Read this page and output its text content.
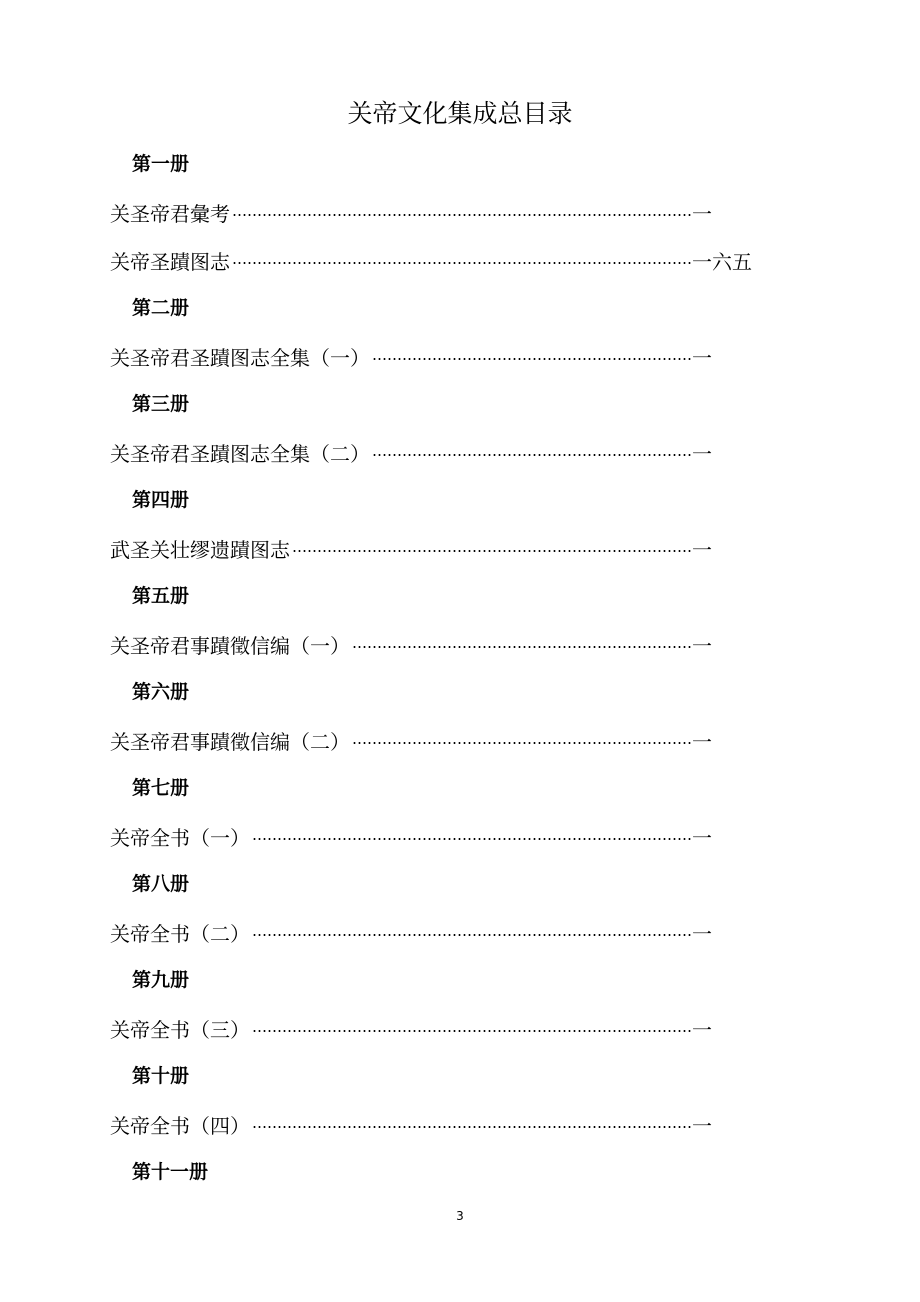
关帝文化集成总目录
第一册
关圣帝君彙考	一
关帝圣蹟图志	一六五
第二册
关圣帝君圣蹟图志全集（一）	一
第三册
关圣帝君圣蹟图志全集（二）	一
第四册
武圣关壮缪遗蹟图志	一
第五册
关圣帝君事蹟徵信编（一）	一
第六册
关圣帝君事蹟徵信编（二）	一
第七册
关帝全书（一）	一
第八册
关帝全书（二）	一
第九册
关帝全书（三）	一
第十册
关帝全书（四）	一
第十一册
3
